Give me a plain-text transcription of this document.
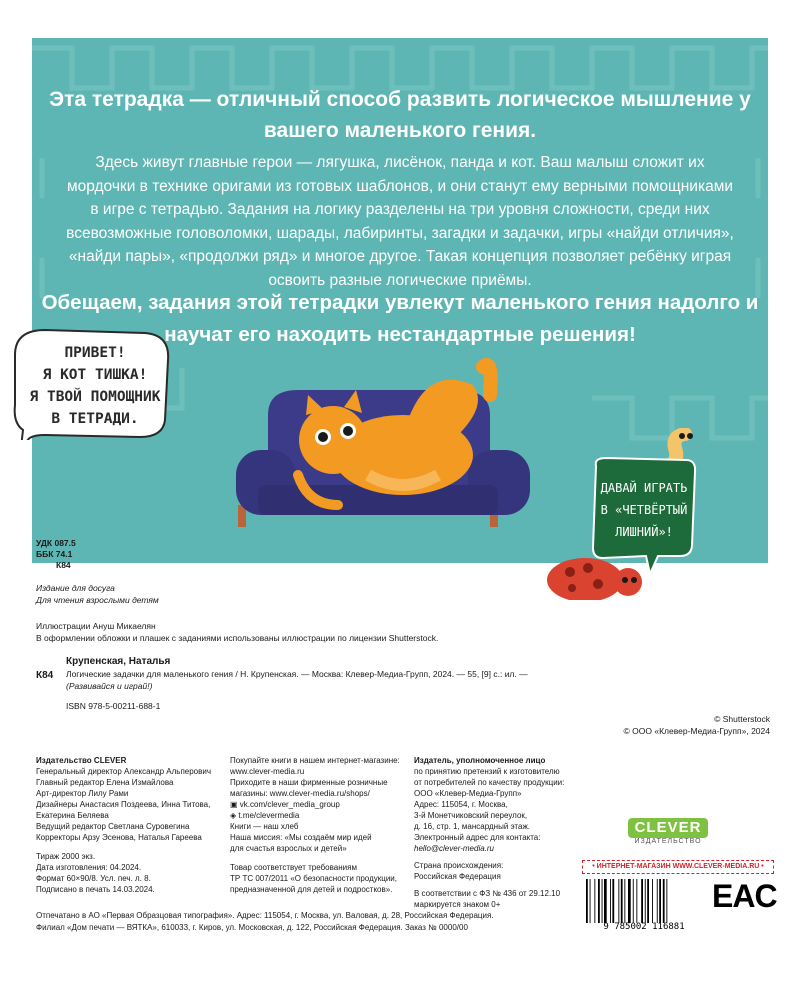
Эта тетрадка — отличный способ развить логическое мышление у вашего маленького гения.

Здесь живут главные герои — лягушка, лисёнок, панда и кот. Ваш малыш сложит их мордочки в технике оригами из готовых шаблонов, и они станут ему верными помощниками в игре с тетрадью. Задания на логику разделены на три уровня сложности, среди них всевозможные головоломки, шарады, лабиринты, загадки и задачки, игры «найди отличия», «найди пары», «продолжи ряд» и многое другое. Такая концепция позволяет ребёнку играя освоить разные логические приёмы.

Обещаем, задания этой тетрадки увлекут маленького гения надолго и научат его находить нестандартные решения!

ПРИВЕТ!
Я КОТ ТИШКА!
Я ТВОЙ ПОМОЩНИК
В ТЕТРАДИ.
ДАВАЙ ИГРАТЬ
В «ЧЕТВЁРТЫЙ
ЛИШНИЙ»!
УДК 087.5
ББК 74.1
К84
Издание для досуга
Для чтения взрослыми детям
Иллюстрации Ануш Микаелян
В оформлении обложки и плашек с заданиями использованы иллюстрации по лицензии Shutterstock.
К84
Крупенская, Наталья
Логические задачки для маленького гения / Н. Крупенская. — Москва: Клевер-Медиа-Групп, 2024. — 55, [9] с.: ил. —
(Развивайся и играй!)
ISBN 978-5-00211-688-1
© Shutterstock
© ООО «Клевер-Медиа-Групп», 2024
Издательство CLEVER
Генеральный директор Александр Альперович
Главный редактор Елена Измайлова
Арт-директор Лилу Рами
Дизайнеры Анастасия Поздеева, Инна Титова,
Екатерина Беляева
Ведущий редактор Светлана Суровегина
Корректоры Арзу Эсенова, Наталья Гареева
Тираж 2000 экз.
Дата изготовления: 04.2024.
Формат 60×90/8. Усл. печ. л. 8.
Подписано в печать 14.03.2024.
Покупайте книги в нашем интернет-магазине:
www.clever-media.ru
Приходите в наши фирменные розничные
магазины: www.clever-media.ru/shops/
▣ vk.com/clever_media_group
◈ t.me/clevermedia
Книги — наш хлеб
Наша миссия: «Мы создаём мир идей
для счастья взрослых и детей»
Товар соответствует требованиям
ТР ТС 007/2011 «О безопасности продукции,
предназначенной для детей и подростков».
Издатель, уполномоченное лицо
по принятию претензий к изготовителю
от потребителей по качеству продукции:
ООО «Клевер-Медиа-Групп»
Адрес: 115054, г. Москва,
3-й Монетчиковский переулок,
д. 16, стр. 1, мансардный этаж.
Электронный адрес для контакта:
hello@clever-media.ru
Страна происхождения:
Российская Федерация
В соответствии с ФЗ № 436 от 29.12.10
маркируется знаком 0+
CLEVER
ИЗДАТЕЛЬСТВО
• ИНТЕРНЕТ-МАГАЗИН WWW.CLEVER-MEDIA.RU •
9 785002 116881
EAC
Отпечатано в АО «Первая Образцовая типография». Адрес: 115054, г. Москва, ул. Валовая, д. 28, Российская Федерация.
Филиал «Дом печати — ВЯТКА», 610033, г. Киров, ул. Московская, д. 122, Российская Федерация. Заказ № 0000/00
